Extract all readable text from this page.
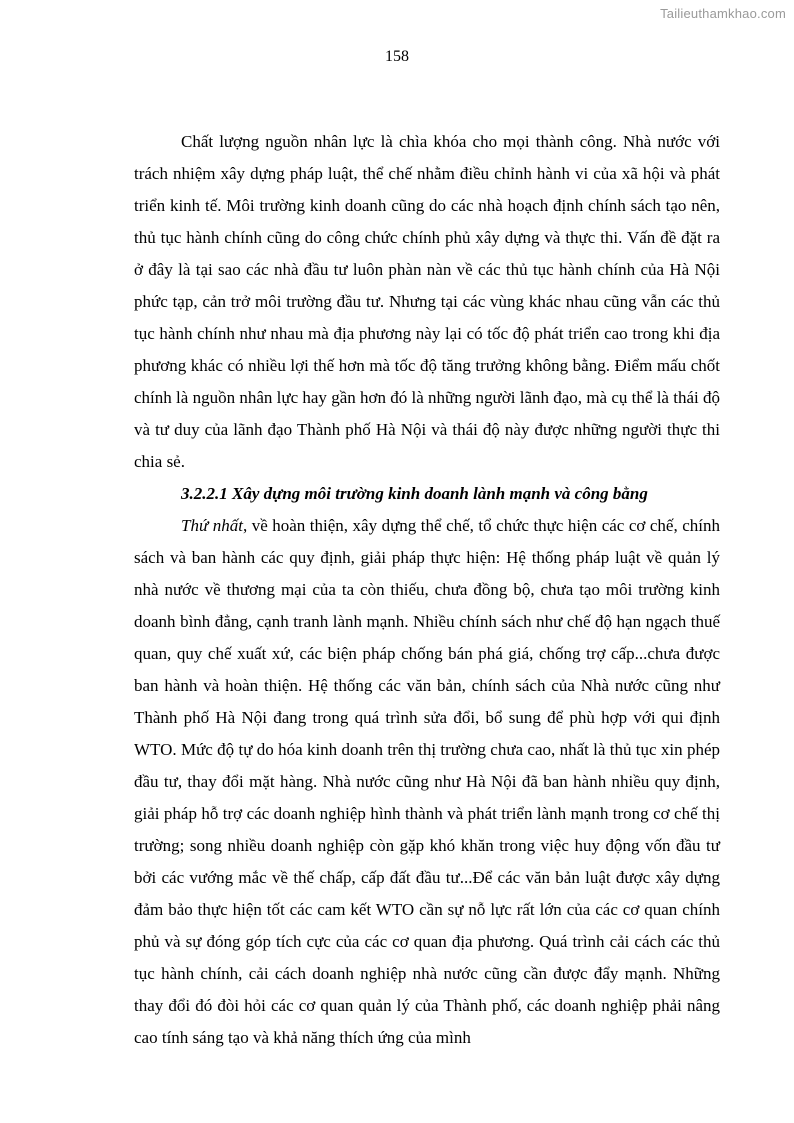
Tailieuthamkhao.com
158

Chất lượng nguồn nhân lực là chìa khóa cho mọi thành công. Nhà nước với trách nhiệm xây dựng pháp luật, thể chế nhằm điều chỉnh hành vi của xã hội và phát triển kinh tế. Môi trường kinh doanh cũng do các nhà hoạch định chính sách tạo nên, thủ tục hành chính cũng do công chức chính phủ xây dựng và thực thi. Vấn đề đặt ra ở đây là tại sao các nhà đầu tư luôn phàn nàn về các thủ tục hành chính của Hà Nội phức tạp, cản trở môi trường đầu tư. Nhưng tại các vùng khác nhau cũng vẫn các thủ tục hành chính như nhau mà địa phương này lại có tốc độ phát triển cao trong khi địa phương khác có nhiều lợi thế hơn mà tốc độ tăng trưởng không bằng. Điểm mấu chốt chính là nguồn nhân lực hay gần hơn đó là những người lãnh đạo, mà cụ thể là thái độ và tư duy của lãnh đạo Thành phố Hà Nội và thái độ này được những người thực thi chia sẻ.

3.2.2.1 Xây dựng môi trường kinh doanh lành mạnh và công bằng

Thứ nhất, về hoàn thiện, xây dựng thể chế, tổ chức thực hiện các cơ chế, chính sách và ban hành các quy định, giải pháp thực hiện: Hệ thống pháp luật về quản lý nhà nước về thương mại của ta còn thiếu, chưa đồng bộ, chưa tạo môi trường kinh doanh bình đẳng, cạnh tranh lành mạnh. Nhiều chính sách như chế độ hạn ngạch thuế quan, quy chế xuất xứ, các biện pháp chống bán phá giá, chống trợ cấp...chưa được ban hành và hoàn thiện. Hệ thống các văn bản, chính sách của Nhà nước cũng như Thành phố Hà Nội đang trong quá trình sửa đổi, bổ sung để phù hợp với qui định WTO. Mức độ tự do hóa kinh doanh trên thị trường chưa cao, nhất là thủ tục xin phép đầu tư, thay đổi mặt hàng. Nhà nước cũng như Hà Nội đã ban hành nhiều quy định, giải pháp hỗ trợ các doanh nghiệp hình thành và phát triển lành mạnh trong cơ chế thị trường; song nhiều doanh nghiệp còn gặp khó khăn trong việc huy động vốn đầu tư bởi các vướng mắc về thế chấp, cấp đất đầu tư...Để các văn bản luật được xây dựng đảm bảo thực hiện tốt các cam kết WTO cần sự nỗ lực rất lớn của các cơ quan chính phủ và sự đóng góp tích cực của các cơ quan địa phương. Quá trình cải cách các thủ tục hành chính, cải cách doanh nghiệp nhà nước cũng cần được đẩy mạnh. Những thay đổi đó đòi hỏi các cơ quan quản lý của Thành phố, các doanh nghiệp phải nâng cao tính sáng tạo và khả năng thích ứng của mình
